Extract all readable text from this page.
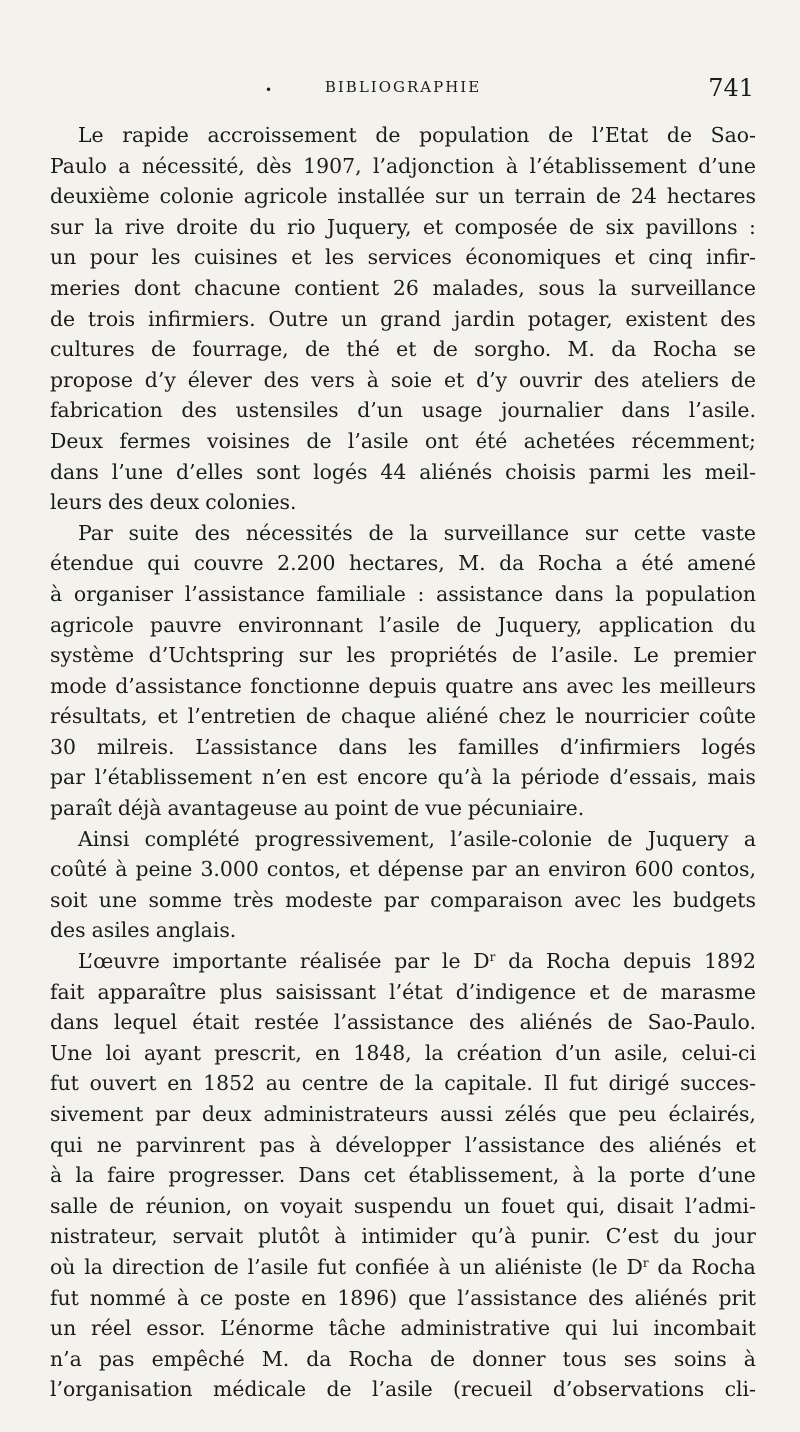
•	BIBLIOGRAPHIE	741
Le rapide accroissement de population de l’Etat de Sao-
Paulo a nécessité, dès 1907, l’adjonction à l’établissement d’une
deuxième colonie agricole installée sur un terrain de 24 hectares
sur la rive droite du rio Juquery, et composée de six pavillons :
un pour les cuisines et les services économiques et cinq infir-
meries dont chacune contient 26 malades, sous la surveillance
de trois infirmiers. Outre un grand jardin potager, existent des
cultures de fourrage, de thé et de sorgho. M. da Rocha se
propose d’y élever des vers à soie et d’y ouvrir des ateliers de
fabrication des ustensiles d’un usage journalier dans l’asile.
Deux fermes voisines de l’asile ont été achetées récemment;
dans l’une d’elles sont logés 44 aliénés choisis parmi les meil-
leurs des deux colonies.
Par suite des nécessités de la surveillance sur cette vaste
étendue qui couvre 2.200 hectares, M. da Rocha a été amené
à organiser l’assistance familiale : assistance dans la population
agricole pauvre environnant l’asile de Juquery, application du
système d’Uchtspring sur les propriétés de l’asile. Le premier
mode d’assistance fonctionne depuis quatre ans avec les meilleurs
résultats, et l’entretien de chaque aliéné chez le nourricier coûte
30 milreis. L’assistance dans les familles d’infirmiers logés
par l’établissement n’en est encore qu’à la période d’essais, mais
paraît déjà avantageuse au point de vue pécuniaire.
Ainsi complété progressivement, l’asile-colonie de Juquery a
coûté à peine 3.000 contos, et dépense par an environ 600 contos,
soit une somme très modeste par comparaison avec les budgets
des asiles anglais.
L’œuvre importante réalisée par le $D^r$ da Rocha depuis 1892
fait apparaître plus saisissant l’état d’indigence et de marasme
dans lequel était restée l’assistance des aliénés de Sao-Paulo.
Une loi ayant prescrit, en 1848, la création d’un asile, celui-ci
fut ouvert en 1852 au centre de la capitale. Il fut dirigé succes-
sivement par deux administrateurs aussi zélés que peu éclairés,
qui ne parvinrent pas à développer l’assistance des aliénés et
à la faire progresser. Dans cet établissement, à la porte d’une
salle de réunion, on voyait suspendu un fouet qui, disait l’admi-
nistrateur, servait plutôt à intimider qu’à punir. C’est du jour
où la direction de l’asile fut confiée à un aliéniste (le $D^r$ da Rocha
fut nommé à ce poste en 1896) que l’assistance des aliénés prit
un réel essor. L’énorme tâche administrative qui lui incombait
n’a pas empêché M. da Rocha de donner tous ses soins à
l’organisation médicale de l’asile (recueil d’observations cli-
